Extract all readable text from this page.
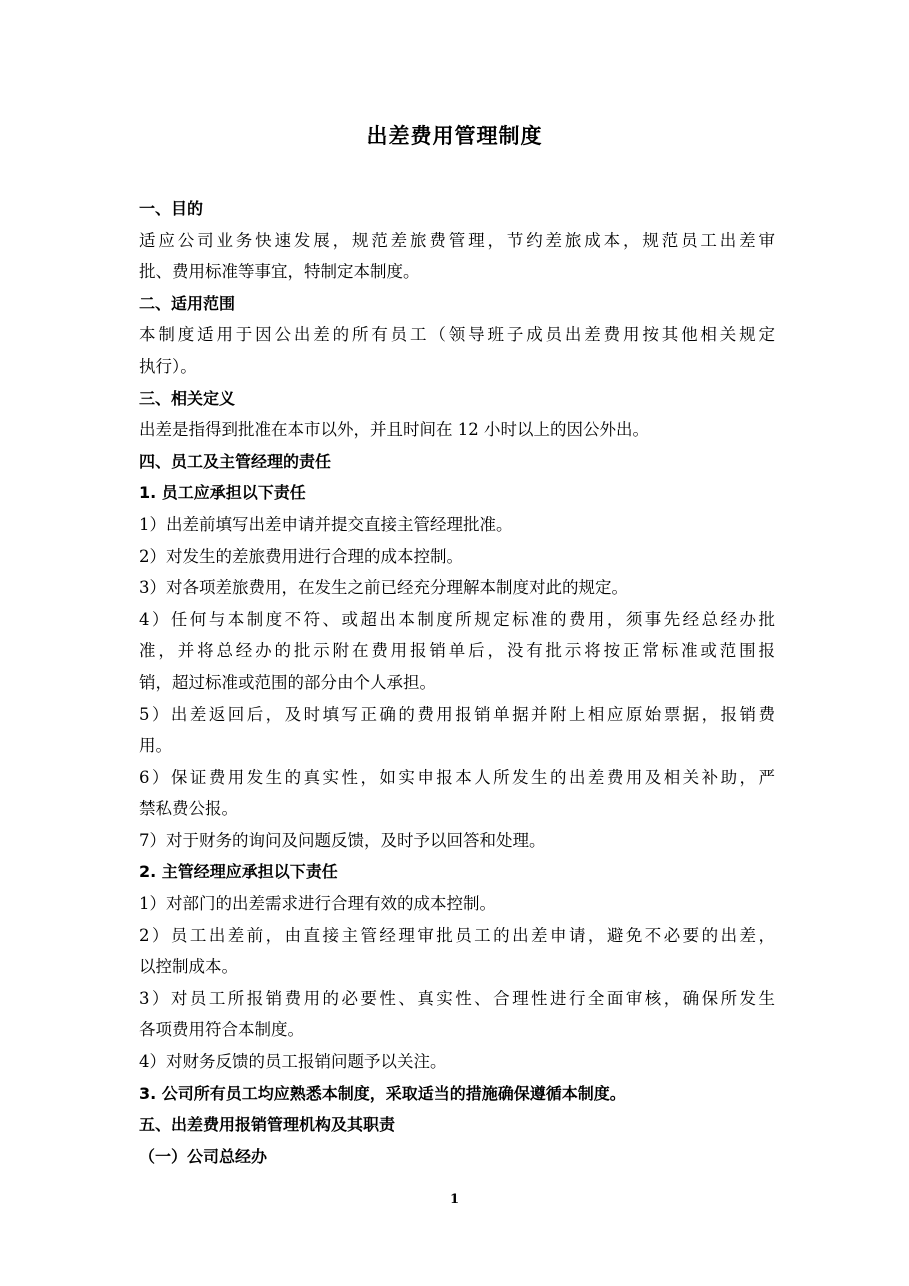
出差费用管理制度
一、目的
适应公司业务快速发展，规范差旅费管理，节约差旅成本，规范员工出差审
批、费用标准等事宜，特制定本制度。
二、适用范围
本制度适用于因公出差的所有员工（领导班子成员出差费用按其他相关规定
执行）。
三、相关定义
出差是指得到批准在本市以外，并且时间在 12 小时以上的因公外出。
四、员工及主管经理的责任
1. 员工应承担以下责任
1）出差前填写出差申请并提交直接主管经理批准。
2）对发生的差旅费用进行合理的成本控制。
3）对各项差旅费用，在发生之前已经充分理解本制度对此的规定。
4）任何与本制度不符、或超出本制度所规定标准的费用，须事先经总经办批
准，并将总经办的批示附在费用报销单后，没有批示将按正常标准或范围报
销，超过标准或范围的部分由个人承担。
5）出差返回后，及时填写正确的费用报销单据并附上相应原始票据，报销费
用。
6）保证费用发生的真实性，如实申报本人所发生的出差费用及相关补助，严
禁私费公报。
7）对于财务的询问及问题反馈，及时予以回答和处理。
2. 主管经理应承担以下责任
1）对部门的出差需求进行合理有效的成本控制。
2）员工出差前，由直接主管经理审批员工的出差申请，避免不必要的出差，
以控制成本。
3）对员工所报销费用的必要性、真实性、合理性进行全面审核，确保所发生
各项费用符合本制度。
4）对财务反馈的员工报销问题予以关注。
3. 公司所有员工均应熟悉本制度，采取适当的措施确保遵循本制度。
五、出差费用报销管理机构及其职责
（一）公司总经办
1
